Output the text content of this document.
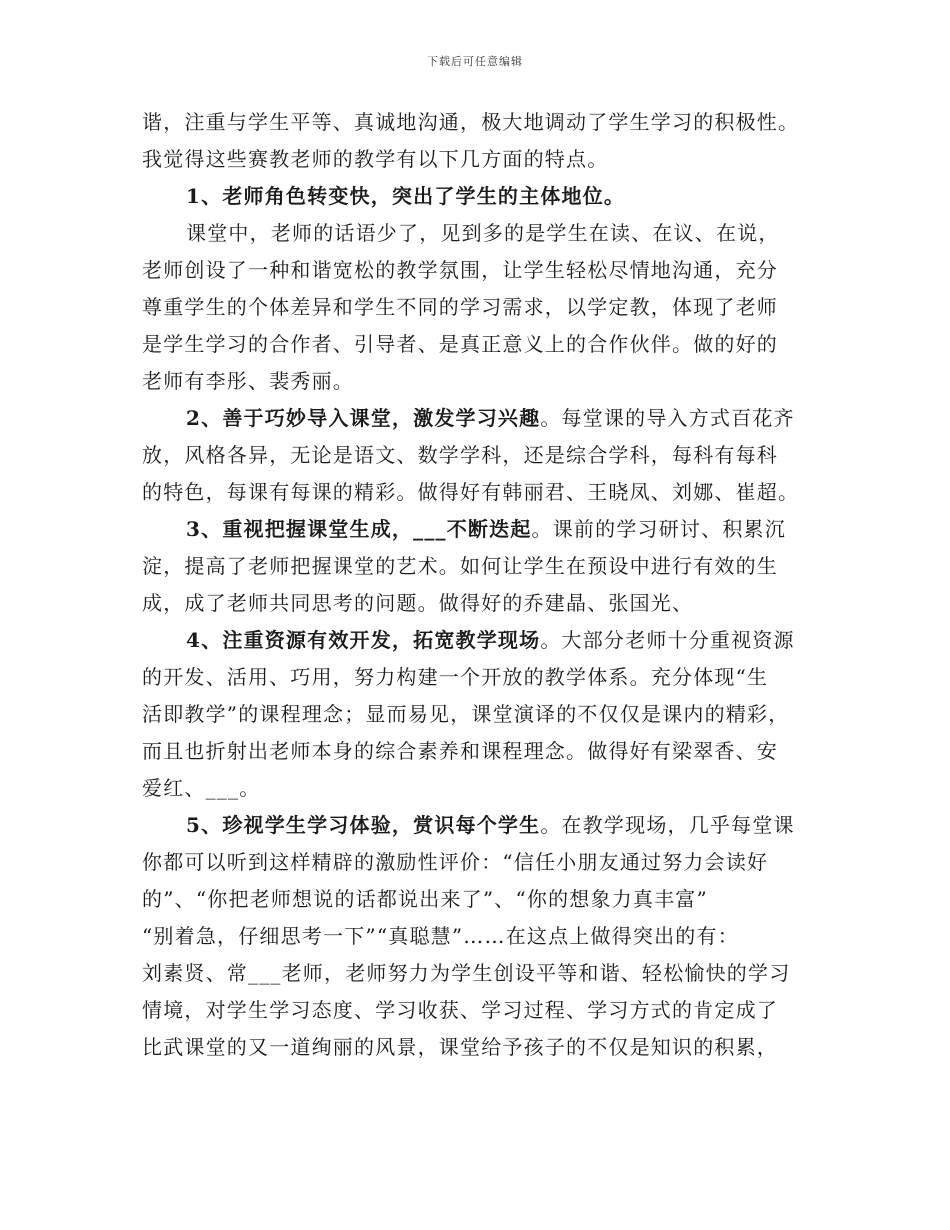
下载后可任意编辑
谐，注重与学生平等、真诚地沟通，极大地调动了学生学习的积极性。
我觉得这些赛教老师的教学有以下几方面的特点。
1、老师角色转变快，突出了学生的主体地位。
课堂中，老师的话语少了，见到多的是学生在读、在议、在说，
老师创设了一种和谐宽松的教学氛围，让学生轻松尽情地沟通，充分
尊重学生的个体差异和学生不同的学习需求，以学定教，体现了老师
是学生学习的合作者、引导者、是真正意义上的合作伙伴。做的好的
老师有李彤、裴秀丽。
2、善于巧妙导入课堂，激发学习兴趣。每堂课的导入方式百花齐
放，风格各异，无论是语文、数学学科，还是综合学科，每科有每科
的特色，每课有每课的精彩。做得好有韩丽君、王晓凤、刘娜、崔超。
3、重视把握课堂生成，___不断迭起。课前的学习研讨、积累沉
淀，提高了老师把握课堂的艺术。如何让学生在预设中进行有效的生
成，成了老师共同思考的问题。做得好的乔建晶、张国光、
4、注重资源有效开发，拓宽教学现场。大部分老师十分重视资源
的开发、活用、巧用，努力构建一个开放的教学体系。充分体现“生
活即教学”的课程理念；显而易见，课堂演译的不仅仅是课内的精彩，
而且也折射出老师本身的综合素养和课程理念。做得好有梁翠香、安
爱红、___。
5、珍视学生学习体验，赏识每个学生。在教学现场，几乎每堂课
你都可以听到这样精辟的激励性评价：“信任小朋友通过努力会读好
的”、“你把老师想说的话都说出来了”、“你的想象力真丰富”
“别着急，仔细思考一下”“真聪慧”……在这点上做得突出的有：
刘素贤、常___老师，老师努力为学生创设平等和谐、轻松愉快的学习
情境，对学生学习态度、学习收获、学习过程、学习方式的肯定成了
比武课堂的又一道绚丽的风景，课堂给予孩子的不仅是知识的积累，
